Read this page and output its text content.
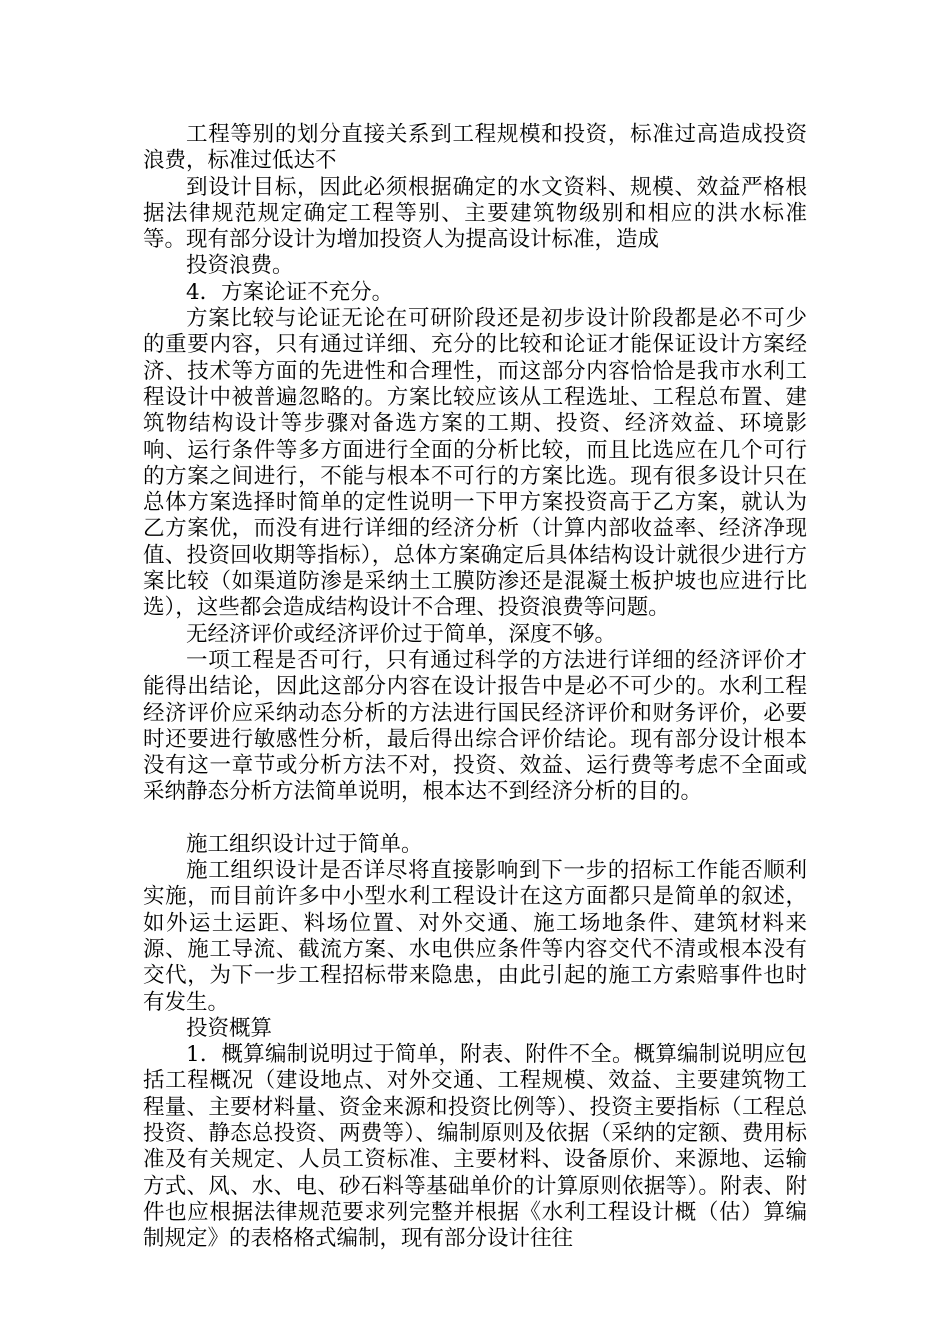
工程等别的划分直接关系到工程规模和投资，标准过高造成投资浪费，标准过低达不

到设计目标，因此必须根据确定的水文资料、规模、效益严格根据法律规范规定确定工程等别、主要建筑物级别和相应的洪水标准等。现有部分设计为增加投资人为提高设计标准，造成

投资浪费。

4．方案论证不充分。

方案比较与论证无论在可研阶段还是初步设计阶段都是必不可少的重要内容，只有通过详细、充分的比较和论证才能保证设计方案经济、技术等方面的先进性和合理性，而这部分内容恰恰是我市水利工程设计中被普遍忽略的。方案比较应该从工程选址、工程总布置、建筑物结构设计等步骤对备选方案的工期、投资、经济效益、环境影响、运行条件等多方面进行全面的分析比较，而且比选应在几个可行的方案之间进行，不能与根本不可行的方案比选。现有很多设计只在总体方案选择时简单的定性说明一下甲方案投资高于乙方案，就认为乙方案优，而没有进行详细的经济分析（计算内部收益率、经济净现值、投资回收期等指标），总体方案确定后具体结构设计就很少进行方案比较（如渠道防渗是采纳土工膜防渗还是混凝土板护坡也应进行比选），这些都会造成结构设计不合理、投资浪费等问题。

无经济评价或经济评价过于简单，深度不够。

一项工程是否可行，只有通过科学的方法进行详细的经济评价才能得出结论，因此这部分内容在设计报告中是必不可少的。水利工程经济评价应采纳动态分析的方法进行国民经济评价和财务评价，必要时还要进行敏感性分析，最后得出综合评价结论。现有部分设计根本没有这一章节或分析方法不对，投资、效益、运行费等考虑不全面或采纳静态分析方法简单说明，根本达不到经济分析的目的。

施工组织设计过于简单。

施工组织设计是否详尽将直接影响到下一步的招标工作能否顺利实施，而目前许多中小型水利工程设计在这方面都只是简单的叙述，如外运土运距、料场位置、对外交通、施工场地条件、建筑材料来源、施工导流、截流方案、水电供应条件等内容交代不清或根本没有交代，为下一步工程招标带来隐患，由此引起的施工方索赔事件也时有发生。

投资概算

1．概算编制说明过于简单，附表、附件不全。概算编制说明应包括工程概况（建设地点、对外交通、工程规模、效益、主要建筑物工程量、主要材料量、资金来源和投资比例等）、投资主要指标（工程总投资、静态总投资、两费等）、编制原则及依据（采纳的定额、费用标准及有关规定、人员工资标准、主要材料、设备原价、来源地、运输方式、风、水、电、砂石料等基础单价的计算原则依据等）。附表、附件也应根据法律规范要求列完整并根据《水利工程设计概（估）算编制规定》的表格格式编制，现有部分设计往往
